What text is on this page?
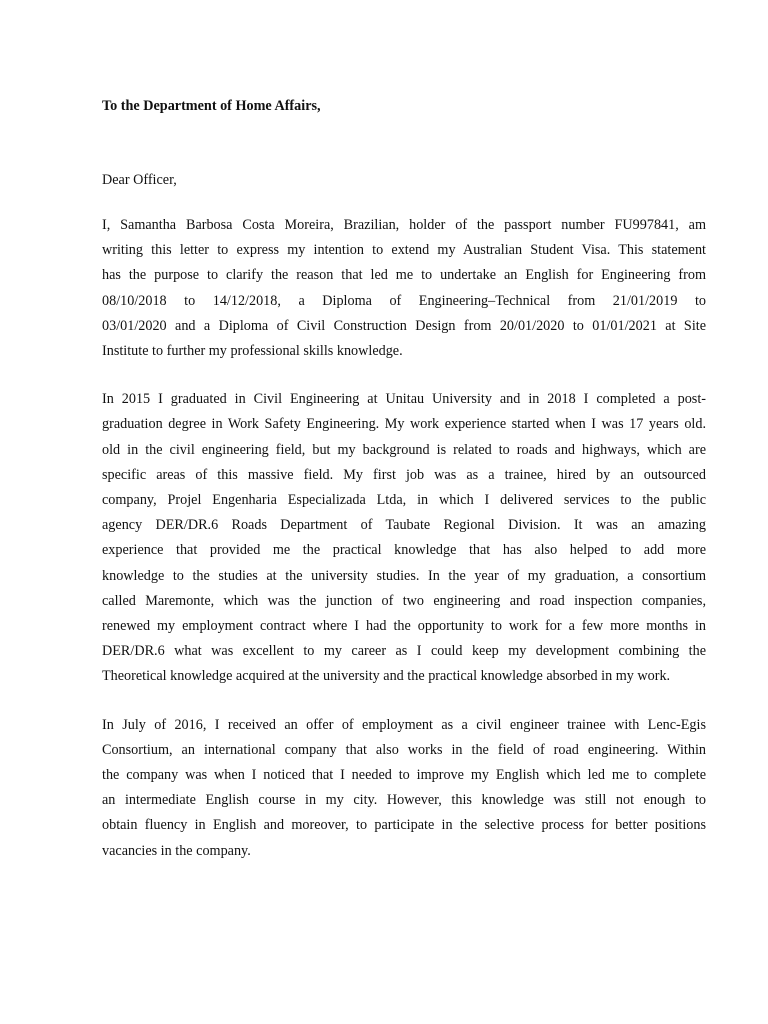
To the Department of Home Affairs,

Dear Officer,

I, Samantha Barbosa Costa Moreira, Brazilian, holder of the passport number FU997841, am
writing this letter to express my intention to extend my Australian Student Visa. This statement
has the purpose to clarify the reason that led me to undertake an English for Engineering from
08/10/2018 to 14/12/2018, a Diploma of Engineering–Technical from 21/01/2019 to
03/01/2020 and a Diploma of Civil Construction Design from 20/01/2020 to 01/01/2021 at Site
Institute to further my professional skills knowledge.

In 2015 I graduated in Civil Engineering at Unitau University and in 2018 I completed a post-
graduation degree in Work Safety Engineering. My work experience started when I was 17 years old.
old in the civil engineering field, but my background is related to roads and highways, which are
specific areas of this massive field. My first job was as a trainee, hired by an outsourced
company, Projel Engenharia Especializada Ltda, in which I delivered services to the public
agency DER/DR.6 Roads Department of Taubate Regional Division. It was an amazing
experience that provided me the practical knowledge that has also helped to add more
knowledge to the studies at the university studies. In the year of my graduation, a consortium
called Maremonte, which was the junction of two engineering and road inspection companies,
renewed my employment contract where I had the opportunity to work for a few more months in
DER/DR.6 what was excellent to my career as I could keep my development combining the
Theoretical knowledge acquired at the university and the practical knowledge absorbed in my work.

In July of 2016, I received an offer of employment as a civil engineer trainee with Lenc-Egis
Consortium, an international company that also works in the field of road engineering. Within
the company was when I noticed that I needed to improve my English which led me to complete
an intermediate English course in my city. However, this knowledge was still not enough to
obtain fluency in English and moreover, to participate in the selective process for better positions
vacancies in the company.
